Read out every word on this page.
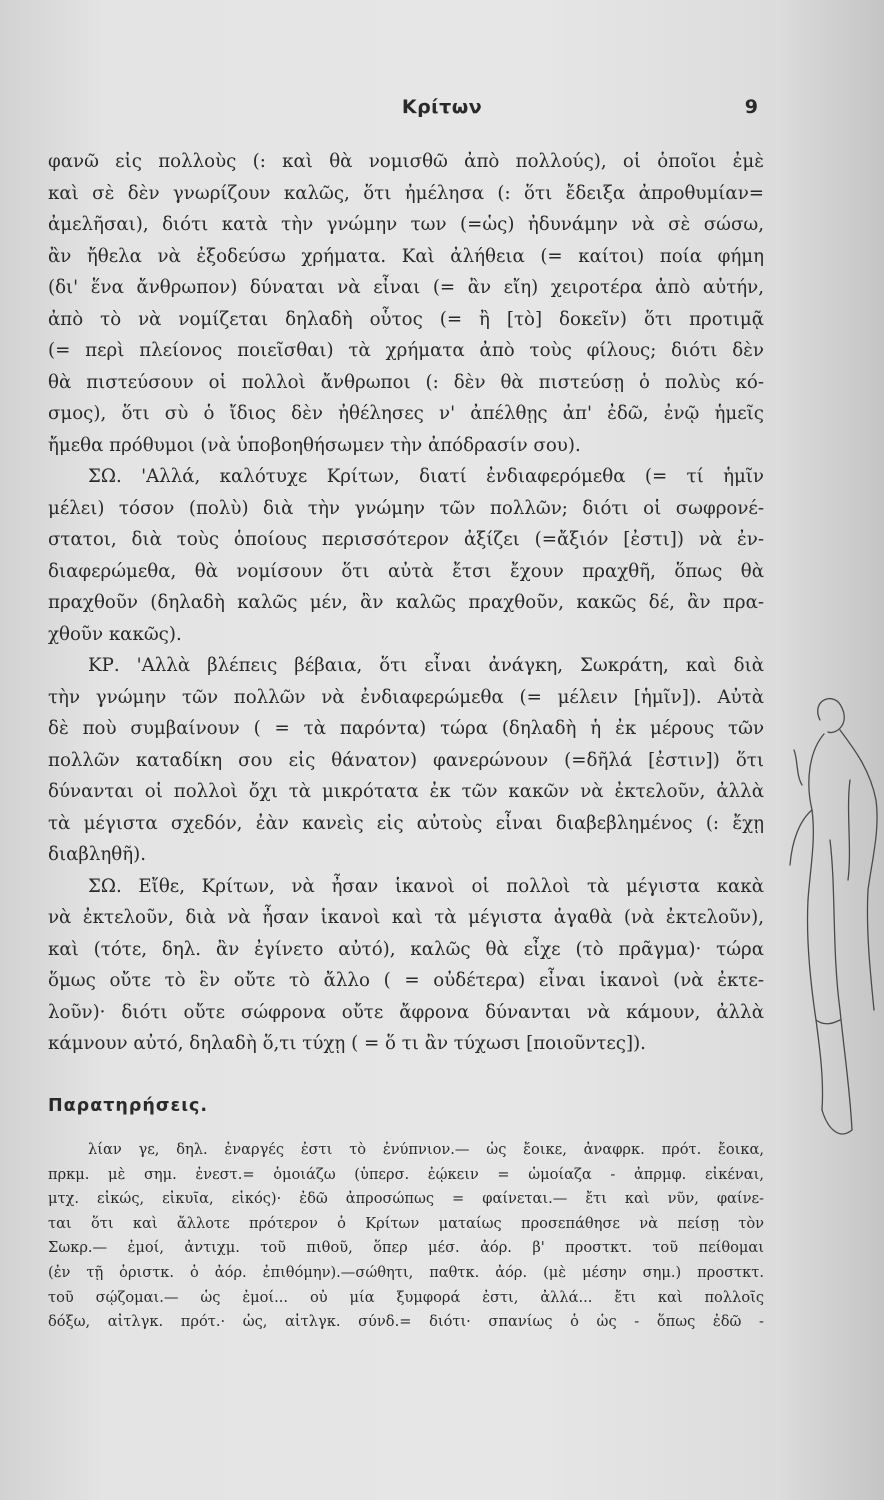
Κρίτων	9
φανῶ εἰς πολλοὺς (: καὶ θὰ νομισθῶ ἀπὸ πολλούς), οἱ ὁποῖοι ἐμὲ
καὶ σὲ δὲν γνωρίζουν καλῶς, ὅτι ἠμέλησα (: ὅτι ἔδειξα ἀπροθυμίαν=
ἀμελῆσαι), διότι κατὰ τὴν γνώμην των (=ὡς) ἠδυνάμην νὰ σὲ σώσω,
ἂν ἤθελα νὰ ἐξοδεύσω χρήματα. Καὶ ἀλήθεια (= καίτοι) ποία φήμη
(δι' ἕνα ἄνθρωπον) δύναται νὰ εἶναι (= ἂν εἴη) χειροτέρα ἀπὸ αὐτήν,
ἀπὸ τὸ νὰ νομίζεται δηλαδὴ οὗτος (= ἢ [τὸ] δοκεῖν) ὅτι προτιμᾷ
(= περὶ πλείονος ποιεῖσθαι) τὰ χρήματα ἀπὸ τοὺς φίλους; διότι δὲν
θὰ πιστεύσουν οἱ πολλοὶ ἄνθρωποι (: δὲν θὰ πιστεύσῃ ὁ πολὺς κό-
σμος), ὅτι σὺ ὁ ἴδιος δὲν ἠθέλησες ν' ἀπέλθῃς ἀπ' ἐδῶ, ἐνῷ ἡμεῖς
ἤμεθα πρόθυμοι (νὰ ὑποβοηθήσωμεν τὴν ἀπόδρασίν σου).
ΣΩ. 'Αλλά, καλότυχε Κρίτων, διατί ἐνδιαφερόμεθα (= τί ἡμῖν
μέλει) τόσον (πολὺ) διὰ τὴν γνώμην τῶν πολλῶν; διότι οἱ σωφρονέ-
στατοι, διὰ τοὺς ὁποίους περισσότερον ἀξίζει (=ἄξιόν [ἐστι]) νὰ ἐν-
διαφερώμεθα, θὰ νομίσουν ὅτι αὐτὰ ἔτσι ἔχουν πραχθῆ, ὅπως θὰ
πραχθοῦν (δηλαδὴ καλῶς μέν, ἂν καλῶς πραχθοῦν, κακῶς δέ, ἂν πρα-
χθοῦν κακῶς).
ΚΡ. 'Αλλὰ βλέπεις βέβαια, ὅτι εἶναι ἀνάγκη, Σωκράτη, καὶ διὰ
τὴν γνώμην τῶν πολλῶν νὰ ἐνδιαφερώμεθα (= μέλειν [ἡμῖν]). Αὐτὰ
δὲ ποὺ συμβαίνουν ( = τὰ παρόντα) τώρα (δηλαδὴ ἡ ἐκ μέρους τῶν
πολλῶν καταδίκη σου εἰς θάνατον) φανερώνουν (=δῆλά [ἐστιν]) ὅτι
δύνανται οἱ πολλοὶ ὄχι τὰ μικρότατα ἐκ τῶν κακῶν νὰ ἐκτελοῦν, ἀλλὰ
τὰ μέγιστα σχεδόν, ἐὰν κανεὶς εἰς αὐτοὺς εἶναι διαβεβλημένος (: ἔχῃ
διαβληθῆ).
ΣΩ. Εἴθε, Κρίτων, νὰ ἦσαν ἱκανοὶ οἱ πολλοὶ τὰ μέγιστα κακὰ
νὰ ἐκτελοῦν, διὰ νὰ ἦσαν ἱκανοὶ καὶ τὰ μέγιστα ἀγαθὰ (νὰ ἐκτελοῦν),
καὶ (τότε, δηλ. ἂν ἐγίνετο αὐτό), καλῶς θὰ εἶχε (τὸ πρᾶγμα)· τώρα
ὅμως οὔτε τὸ ἓν οὔτε τὸ ἄλλο ( = οὐδέτερα) εἶναι ἱκανοὶ (νὰ ἐκτε-
λοῦν)· διότι οὔτε σώφρονα οὔτε ἄφρονα δύνανται νὰ κάμουν, ἀλλὰ
κάμνουν αὐτό, δηλαδὴ ὅ,τι τύχῃ ( = ὅ τι ἂν τύχωσι [ποιοῦντες]).
Παρατηρήσεις.
λίαν γε, δηλ. ἐναργές ἐστι τὸ ἐνύπνιον.— ὡς ἔοικε, ἀναφρκ. πρότ. ἔοικα,
πρκμ. μὲ σημ. ἐνεστ.= ὁμοιάζω (ὑπερσ. ἐῴκειν = ὡμοίαζα - ἀπρμφ. εἰκέναι,
μτχ. εἰκώς, εἰκυῖα, εἰκός)· ἐδῶ ἀπροσώπως = φαίνεται.— ἔτι καὶ νῦν, φαίνε-
ται ὅτι καὶ ἄλλοτε πρότερον ὁ Κρίτων ματαίως προσεπάθησε νὰ πείσῃ τὸν
Σωκρ.— ἐμοί, ἀντιχμ. τοῦ πιθοῦ, ὅπερ μέσ. ἀόρ. β' προστκτ. τοῦ πείθομαι
(ἐν τῇ ὁριστκ. ὁ ἀόρ. ἐπιθόμην).—σώθητι, παθτκ. ἀόρ. (μὲ μέσην σημ.) προστκτ.
τοῦ σῴζομαι.— ὡς ἐμοί... οὐ μία ξυμφορά ἐστι, ἀλλά... ἔτι καὶ πολλοῖς
δόξω, αἰτλγκ. πρότ.· ὡς, αἰτλγκ. σύνδ.= διότι· σπανίως ὁ ὡς - ὅπως ἐδῶ -
